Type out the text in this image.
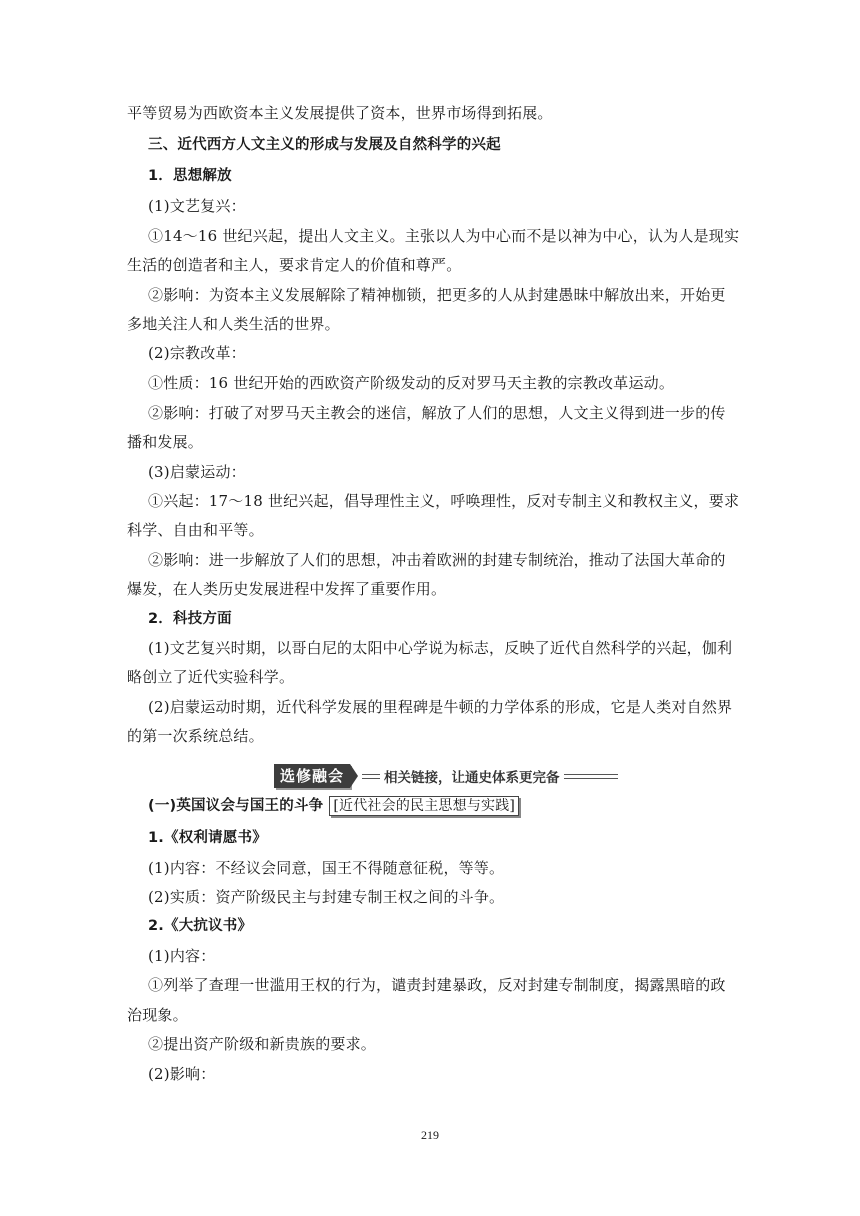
平等贸易为西欧资本主义发展提供了资本，世界市场得到拓展。
三、近代西方人文主义的形成与发展及自然科学的兴起
1．思想解放
(1)文艺复兴：
①14～16 世纪兴起，提出人文主义。主张以人为中心而不是以神为中心，认为人是现实
生活的创造者和主人，要求肯定人的价值和尊严。
②影响：为资本主义发展解除了精神枷锁，把更多的人从封建愚昧中解放出来，开始更
多地关注人和人类生活的世界。
(2)宗教改革：
①性质：16 世纪开始的西欧资产阶级发动的反对罗马天主教的宗教改革运动。
②影响：打破了对罗马天主教会的迷信，解放了人们的思想，人文主义得到进一步的传
播和发展。
(3)启蒙运动：
①兴起：17～18 世纪兴起，倡导理性主义，呼唤理性，反对专制主义和教权主义，要求
科学、自由和平等。
②影响：进一步解放了人们的思想，冲击着欧洲的封建专制统治，推动了法国大革命的
爆发，在人类历史发展进程中发挥了重要作用。
2．科技方面
(1)文艺复兴时期，以哥白尼的太阳中心学说为标志，反映了近代自然科学的兴起，伽利
略创立了近代实验科学。
(2)启蒙运动时期，近代科学发展的里程碑是牛顿的力学体系的形成，它是人类对自然界
的第一次系统总结。
选修融会	相关链接，让通史体系更完备
(一)英国议会与国王的斗争 [近代社会的民主思想与实践]
1.《权利请愿书》
(1)内容：不经议会同意，国王不得随意征税，等等。
(2)实质：资产阶级民主与封建专制王权之间的斗争。
2.《大抗议书》
(1)内容：
①列举了查理一世滥用王权的行为，谴责封建暴政，反对封建专制制度，揭露黑暗的政
治现象。
②提出资产阶级和新贵族的要求。
(2)影响：
219
